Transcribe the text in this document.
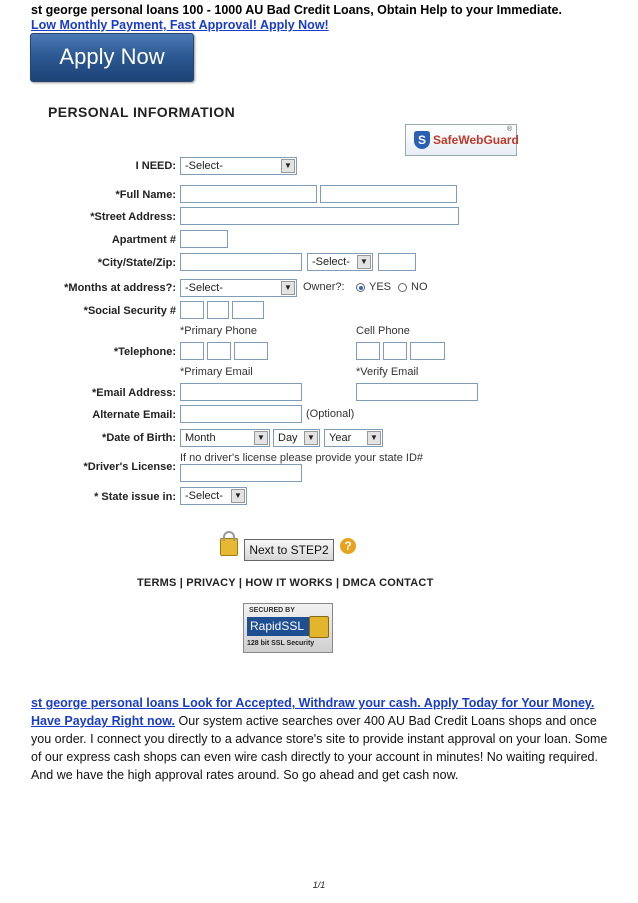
st george personal loans 100 - 1000 AU Bad Credit Loans, Obtain Help to your Immediate.
Low Monthly Payment, Fast Approval! Apply Now!
Apply Now
PERSONAL INFORMATION
S SafeWebGuard
®
I NEED: -Select-	▼
*Full Name:
*Street Address:
Apartment #
*City/State/Zip:	-Select-	▼
*Months at address?: -Select-	▼ Owner?: YES NO
*Social Security #
*Primary Phone	Cell Phone
*Telephone:
*Primary Email	*Verify Email
*Email Address:
Alternate Email:	(Optional)
*Date of Birth: Month	▼	Day	▼	Year	▼
If no driver's license please provide your state ID#
*Driver's License:
* State issue in: -Select-	▼
Next to STEP2	?
TERMS | PRIVACY | HOW IT WORKS | DMCA CONTACT
SECURED BY
RapidSSL
128 bit SSL Security
st george personal loans Look for Accepted, Withdraw your cash. Apply Today for Your Money. Have Payday Right now. Our system active searches over 400 AU Bad Credit Loans shops and once you order. I connect you directly to a advance store's site to provide instant approval on your loan. Some of our express cash shops can even wire cash directly to your account in minutes! No waiting required. And we have the high approval rates around. So go ahead and get cash now.
1/1
